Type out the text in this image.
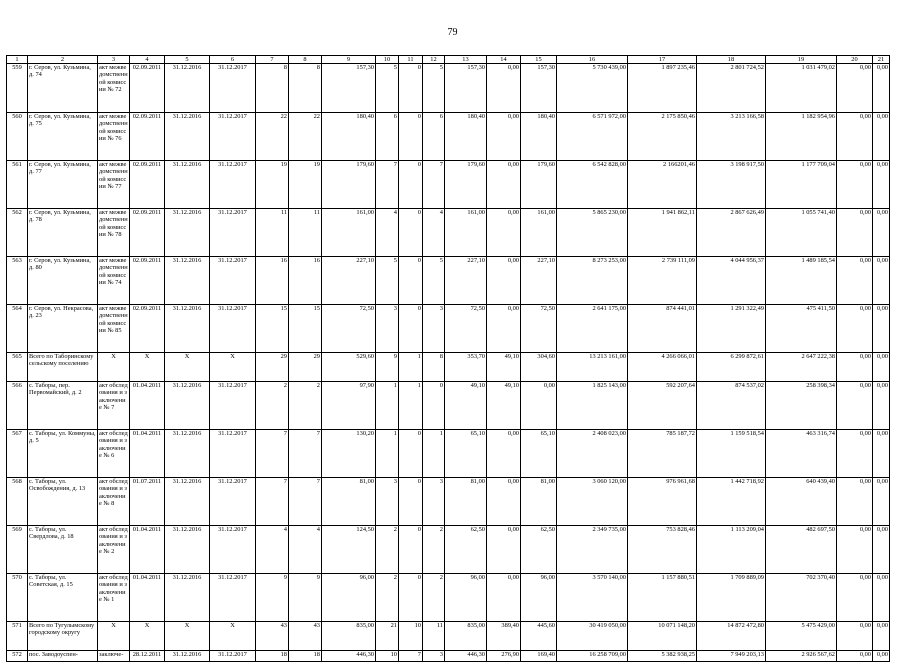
79
1	2	3	4	5	6	7	8	9	10	11	12	13	14	15	16	17	18	19	20	21
559	г. Серов, ул. Кузьмина, д. 74	акт межведомственной комиссии № 72	02.09.2011	31.12.2016	31.12.2017	8	8	157,30	5	0	5	157,30	0,00	157,30	5 730 439,00	1 897 235,46	2 801 724,52	1 031 479,02	0,00	0,00
560	г. Серов, ул. Кузьмина, д. 75	акт межведомственной комиссии № 76	02.09.2011	31.12.2016	31.12.2017	22	22	180,40	6	0	6	180,40	0,00	180,40	6 571 972,00	2 175 850,46	3 213 166,58	1 182 954,96	0,00	0,00
561	г. Серов, ул. Кузьмина, д. 77	акт межведомственной комиссии № 77	02.09.2011	31.12.2016	31.12.2017	19	19	179,60	7	0	7	179,60	0,00	179,60	6 542 828,00	2 166201,46	3 198 917,50	1 177 709,04	0,00	0,00
562	г. Серов, ул. Кузьмина, д. 78	акт межведомственной комиссии № 78	02.09.2011	31.12.2016	31.12.2017	11	11	161,00	4	0	4	161,00	0,00	161,00	5 865 230,00	1 941 862,11	2 867 626,49	1 055 741,40	0,00	0,00
563	г. Серов, ул. Кузьмина, д. 80	акт межведомственной комиссии № 74	02.09.2011	31.12.2016	31.12.2017	16	16	227,10	5	0	5	227,10	0,00	227,10	8 273 253,00	2 739 111,09	4 044 956,37	1 489 185,54	0,00	0,00
564	г. Серов, ул. Некрасова, д. 23	акт межведомственной комиссии № 85	02.09.2011	31.12.2016	31.12.2017	15	15	72,50	3	0	3	72,50	0,00	72,50	2 641 175,00	874 441,01	1 291 322,49	475 411,50	0,00	0,00
565	Всего по Таборинскому сельскому поселению	X	X	X	X	29	29	529,60	9	1	8	353,70	49,10	304,60	13 213 161,00	4 266 066,01	6 299 872,61	2 647 222,38	0,00	0,00
566	с. Таборы, пер. Первомайский, д. 2	акт обследования и заключение № 7	01.04.2011	31.12.2016	31.12.2017	2	2	97,90	1	1	0	49,10	49,10	0,00	1 825 143,00	592 207,64	874 537,02	258 398,34	0,00	0,00
567	с. Таборы, ул. Коммуны, д. 5	акт обследования и заключение № 6	01.04.2011	31.12.2016	31.12.2017	7	7	130,20	1	0	1	65,10	0,00	65,10	2 408 023,00	785 187,72	1 159 518,54	463 316,74	0,00	0,00
568	с. Таборы, ул. Освобождения, д. 13	акт обследования и заключение № 8	01.07.2011	31.12.2016	31.12.2017	7	7	81,00	3	0	3	81,00	0,00	81,00	3 060 120,00	976 961,68	1 442 718,92	640 439,40	0,00	0,00
569	с. Таборы, ул. Свердлова, д. 18	акт обследования и заключение № 2	01.04.2011	31.12.2016	31.12.2017	4	4	124,50	2	0	2	62,50	0,00	62,50	2 349 735,00	753 828,46	1 113 209,04	482 697,50	0,00	0,00
570	с. Таборы, ул. Советская, д. 15	акт обследования и заключение № 1	01.04.2011	31.12.2016	31.12.2017	9	9	96,00	2	0	2	96,00	0,00	96,00	3 570 140,00	1 157 880,51	1 709 889,09	702 370,40	0,00	0,00
571	Всего по Тугулымскому городскому округу	X	X	X	X	43	43	835,00	21	10	11	835,00	389,40	445,60	30 419 050,00	10 071 148,20	14 872 472,80	5 475 429,00	0,00	0,00
572	пос. Заводоуспен-	заключе-	28.12.2011	31.12.2016	31.12.2017	18	18	446,30	10	7	3	446,30	276,90	169,40	16 258 709,00	5 382 938,25	7 949 203,13	2 926 567,62	0,00	0,00
